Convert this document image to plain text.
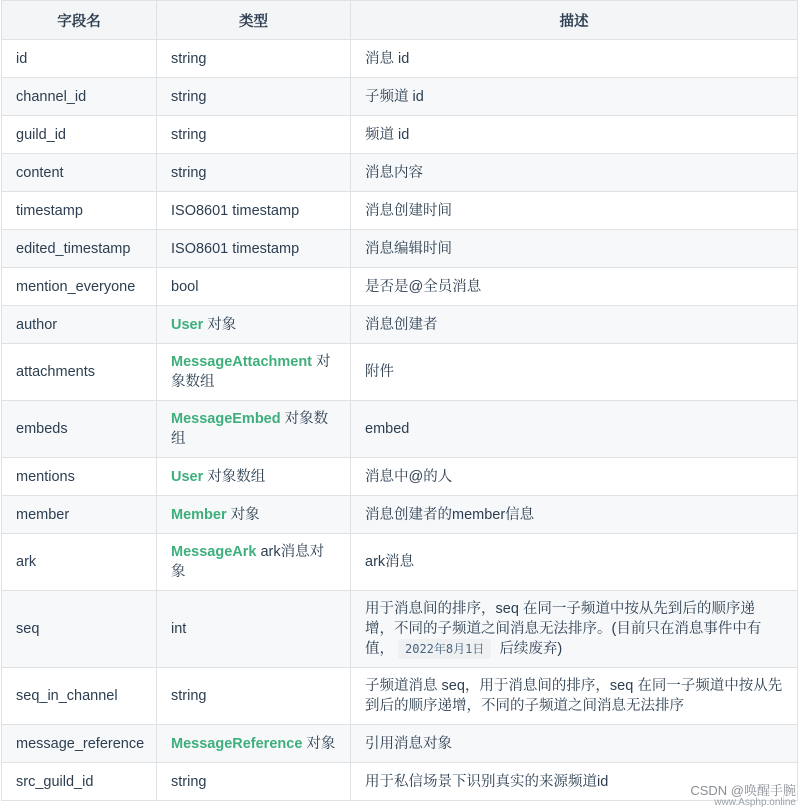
字段名	类型	描述
id	string	消息 id
channel_id	string	子频道 id
guild_id	string	频道 id
content	string	消息内容
timestamp	ISO8601 timestamp	消息创建时间
edited_timestamp	ISO8601 timestamp	消息编辑时间
mention_everyone	bool	是否是@全员消息
author	User 对象	消息创建者
attachments	MessageAttachment 对象数组	附件
embeds	MessageEmbed 对象数组	embed
mentions	User 对象数组	消息中@的人
member	Member 对象	消息创建者的member信息
ark	MessageArk ark消息对象	ark消息
seq	int	用于消息间的排序，seq 在同一子频道中按从先到后的顺序递增，不同的子频道之间消息无法排序。(目前只在消息事件中有值， 2022年8月1日 后续废弃)
seq_in_channel	string	子频道消息 seq，用于消息间的排序，seq 在同一子频道中按从先到后的顺序递增，不同的子频道之间消息无法排序
message_reference	MessageReference 对象	引用消息对象
src_guild_id	string	用于私信场景下识别真实的来源频道id
CSDN @唤醒手腕
www.Asphp.online
